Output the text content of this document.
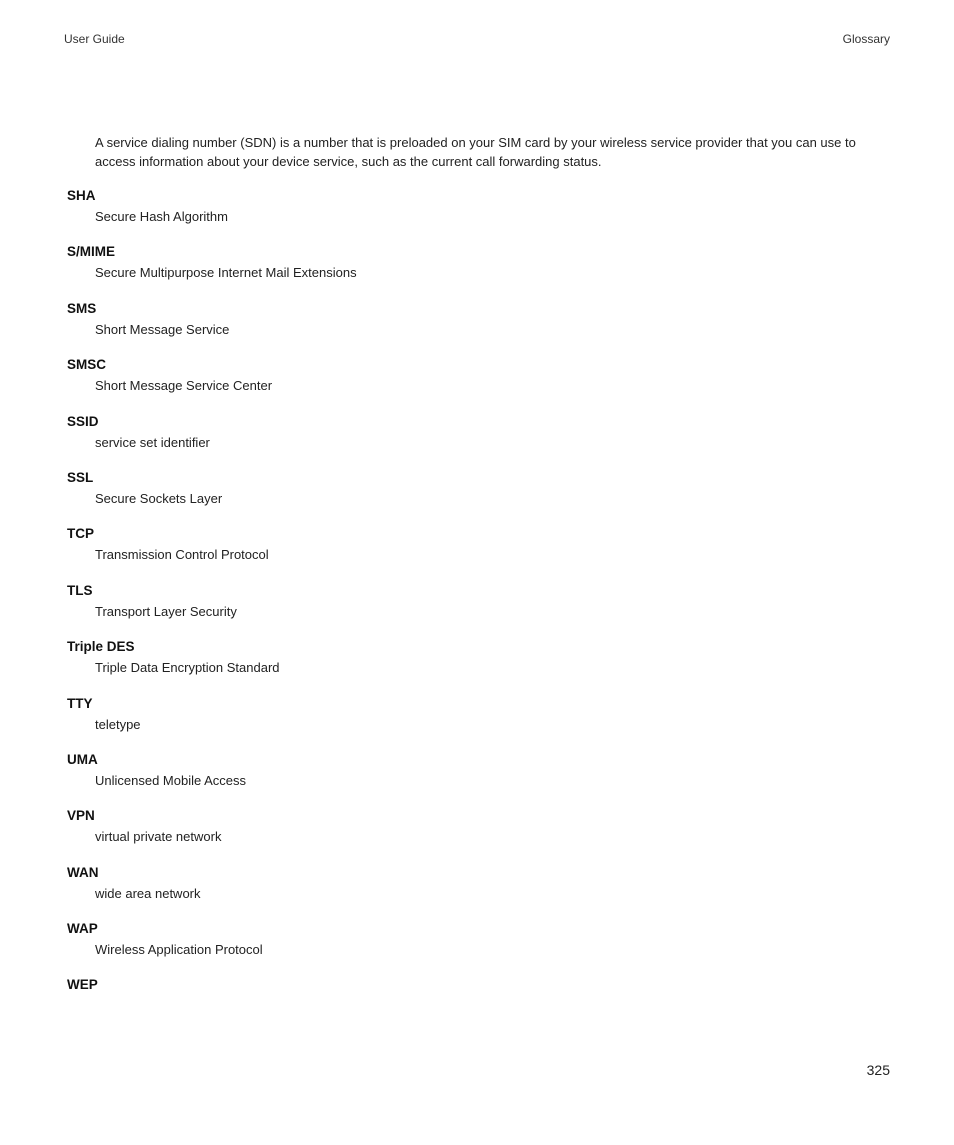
User Guide	Glossary
A service dialing number (SDN) is a number that is preloaded on your SIM card by your wireless service provider that you can use to access information about your device service, such as the current call forwarding status.
SHA
Secure Hash Algorithm
S/MIME
Secure Multipurpose Internet Mail Extensions
SMS
Short Message Service
SMSC
Short Message Service Center
SSID
service set identifier
SSL
Secure Sockets Layer
TCP
Transmission Control Protocol
TLS
Transport Layer Security
Triple DES
Triple Data Encryption Standard
TTY
teletype
UMA
Unlicensed Mobile Access
VPN
virtual private network
WAN
wide area network
WAP
Wireless Application Protocol
WEP
325
